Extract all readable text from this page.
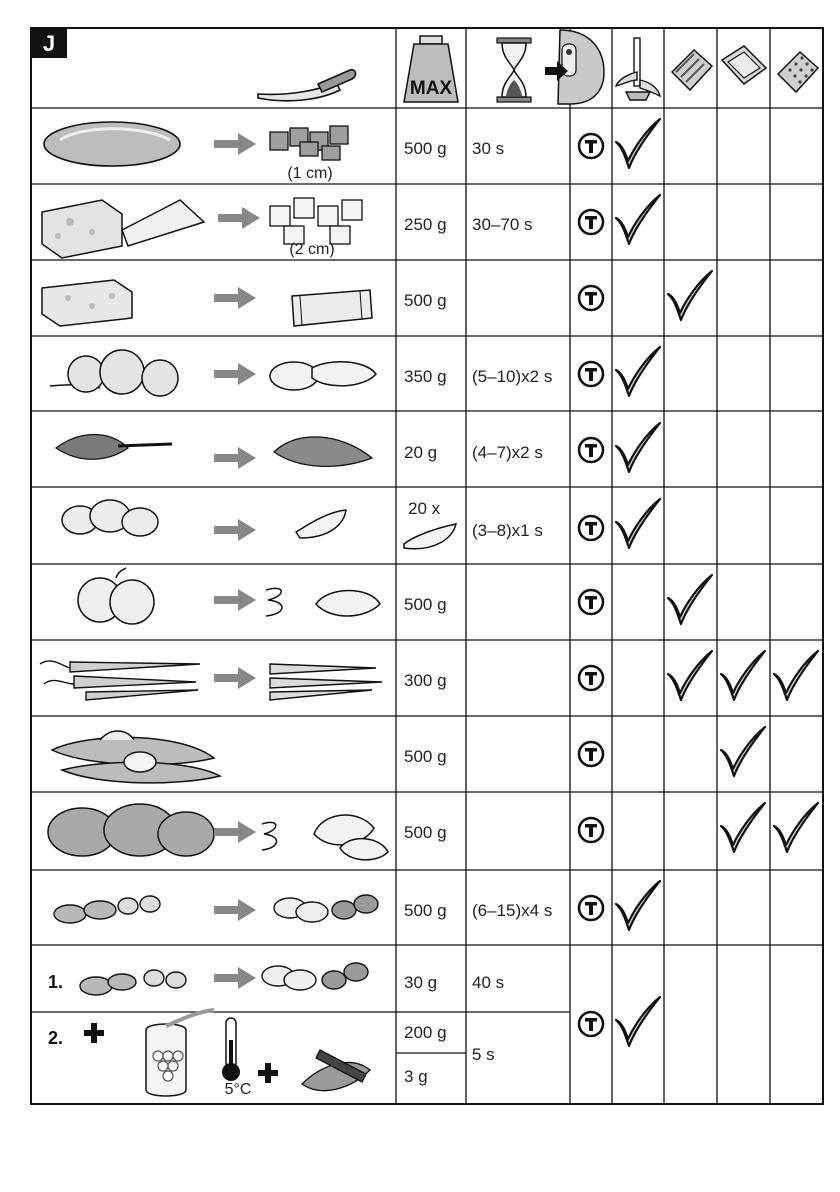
J
MAX
(1 cm)
(2 cm)
1.
2.
5°C
500 g
250 g
500 g
350 g
20 g
20 x
500 g
300 g
500 g
500 g
500 g
30 g
200 g
3 g
30 s
30–70 s
(5–10)x2 s
(4–7)x2 s
(3–8)x1 s
(6–15)x4 s
40 s
5 s
